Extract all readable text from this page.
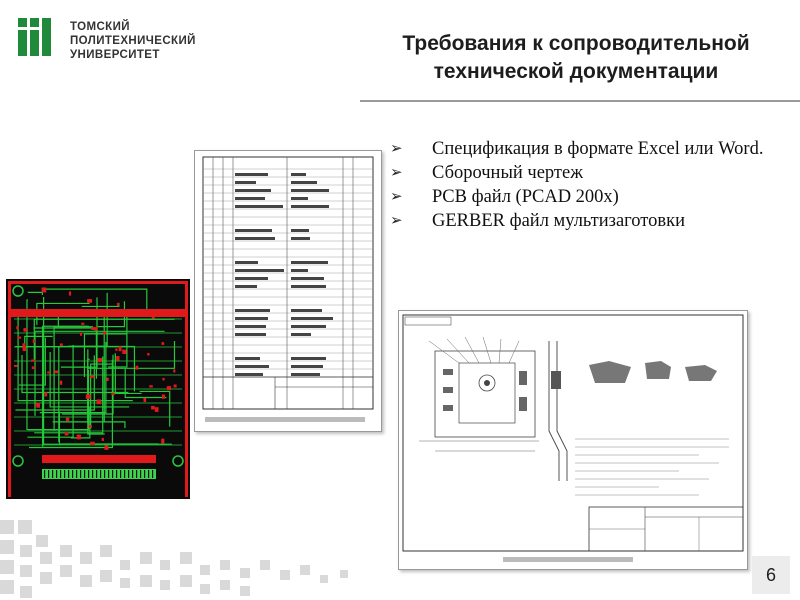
ТОМСКИЙ
ПОЛИТЕХНИЧЕСКИЙ
УНИВЕРСИТЕТ	Требования к сопроводительной
технической документации
➢ Спецификация в формате Excel или Word.
➢ Сборочный чертеж
➢ PCB файл (PCAD 200x)
➢ GERBER файл мультизаготовки
6
